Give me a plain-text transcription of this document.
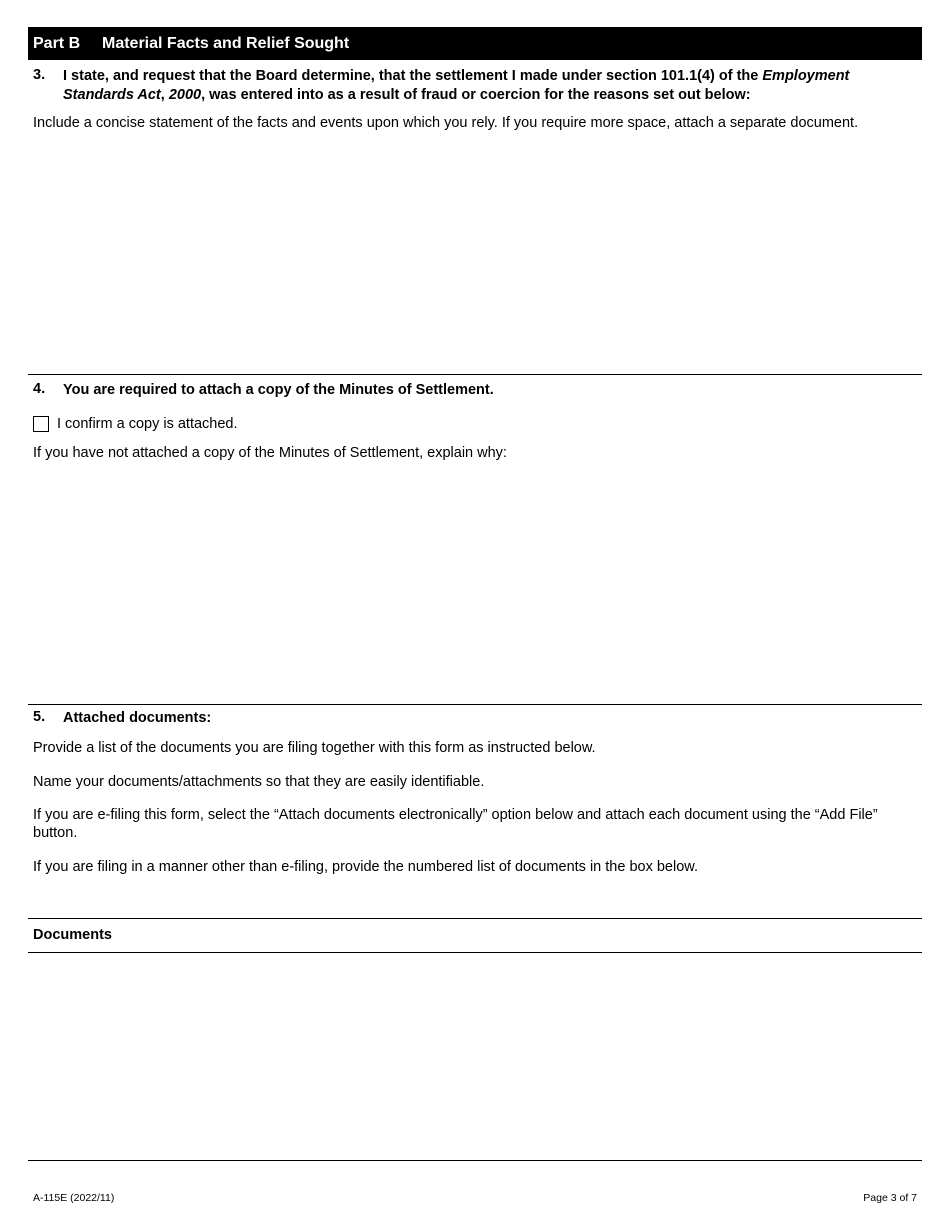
Part B	Material Facts and Relief Sought
3. I state, and request that the Board determine, that the settlement I made under section 101.1(4) of the Employment Standards Act, 2000, was entered into as a result of fraud or coercion for the reasons set out below:
Include a concise statement of the facts and events upon which you rely. If you require more space, attach a separate document.
4. You are required to attach a copy of the Minutes of Settlement.
I confirm a copy is attached.
If you have not attached a copy of the Minutes of Settlement, explain why:
5. Attached documents:
Provide a list of the documents you are filing together with this form as instructed below.
Name your documents/attachments so that they are easily identifiable.
If you are e-filing this form, select the “Attach documents electronically” option below and attach each document using the “Add File” button.
If you are filing in a manner other than e-filing, provide the numbered list of documents in the box below.
Documents
A-115E (2022/11)	Page 3 of 7
